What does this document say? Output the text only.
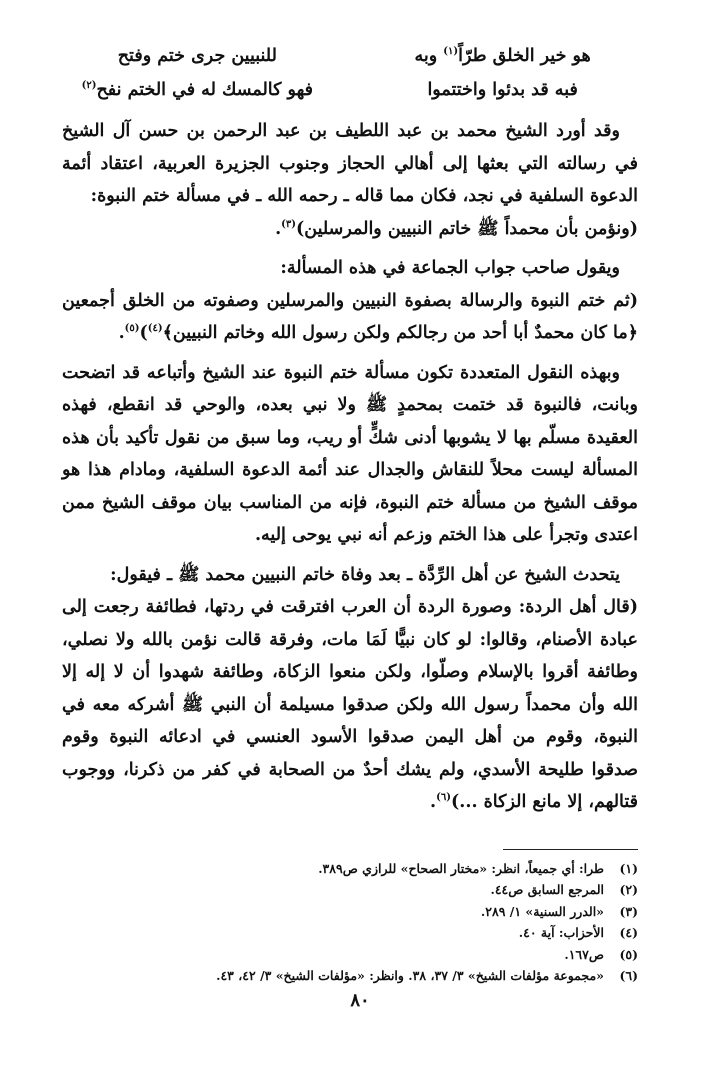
هو خير الخلق طرّاً$^{(١)}$ وبه
للنبيين جرى ختم وفتح
فبه قد بدئوا واختتموا
فهو كالمسك له في الختم نفح$^{(٢)}$

وقد أورد الشيخ محمد بن عبد اللطيف بن عبد الرحمن بن حسن آل الشيخ في رسالته التي بعثها إلى أهالي الحجاز وجنوب الجزيرة العربية، اعتقاد أئمة الدعوة السلفية في نجد، فكان مما قاله ـ رحمه الله ـ في مسألة ختم النبوة:

(ونؤمن بأن محمداً ﷺ خاتم النبيين والمرسلين)$^{(٣)}$.

ويقول صاحب جواب الجماعة في هذه المسألة:

(ثم ختم النبوة والرسالة بصفوة النبيين والمرسلين وصفوته من الخلق أجمعين ﴿ما كان محمدٌ أبا أحد من رجالكم ولكن رسول الله وخاتم النبيين﴾$^{(٤)}$)$^{(٥)}$.

وبهذه النقول المتعددة تكون مسألة ختم النبوة عند الشيخ وأتباعه قد اتضحت وبانت، فالنبوة قد ختمت بمحمدٍ ﷺ ولا نبي بعده، والوحي قد انقطع، فهذه العقيدة مسلّم بها لا يشوبها أدنى شكٍّ أو ريب، وما سبق من نقول تأكيد بأن هذه المسألة ليست محلاً للنقاش والجدال عند أئمة الدعوة السلفية، ومادام هذا هو موقف الشيخ من مسألة ختم النبوة، فإنه من المناسب بيان موقف الشيخ ممن اعتدى وتجرأ على هذا الختم وزعم أنه نبي يوحى إليه.

يتحدث الشيخ عن أهل الرِّدَّة ـ بعد وفاة خاتم النبيين محمد ﷺ ـ فيقول:

(قال أهل الردة: وصورة الردة أن العرب افترقت في ردتها، فطائفة رجعت إلى عبادة الأصنام، وقالوا: لو كان نبيًّا لَمَا مات، وفرقة قالت نؤمن بالله ولا نصلي، وطائفة أقروا بالإسلام وصلّوا، ولكن منعوا الزكاة، وطائفة شهدوا أن لا إله إلا الله وأن محمداً رسول الله ولكن صدقوا مسيلمة أن النبي ﷺ أشركه معه في النبوة، وقوم من أهل اليمن صدقوا الأسود العنسي في ادعائه النبوة وقوم صدقوا طليحة الأسدي، ولم يشك أحدٌ من الصحابة في كفر من ذكرنا، ووجوب قتالهم، إلا مانع الزكاة ...)$^{(٦)}$.

(١)
طرا: أي جميعاً، انظر: «مختار الصحاح» للرازي ص٣٨٩.
(٢)
المرجع السابق ص٤٤.
(٣)
«الدرر السنية» ١/ ٢٨٩.
(٤)
الأحزاب: آية ٤٠.
(٥)
ص١٦٧.
(٦)
«مجموعة مؤلفات الشيخ» ٣/ ٣٧، ٣٨. وانظر: «مؤلفات الشيخ» ٣/ ٤٢، ٤٣.
٨٠
